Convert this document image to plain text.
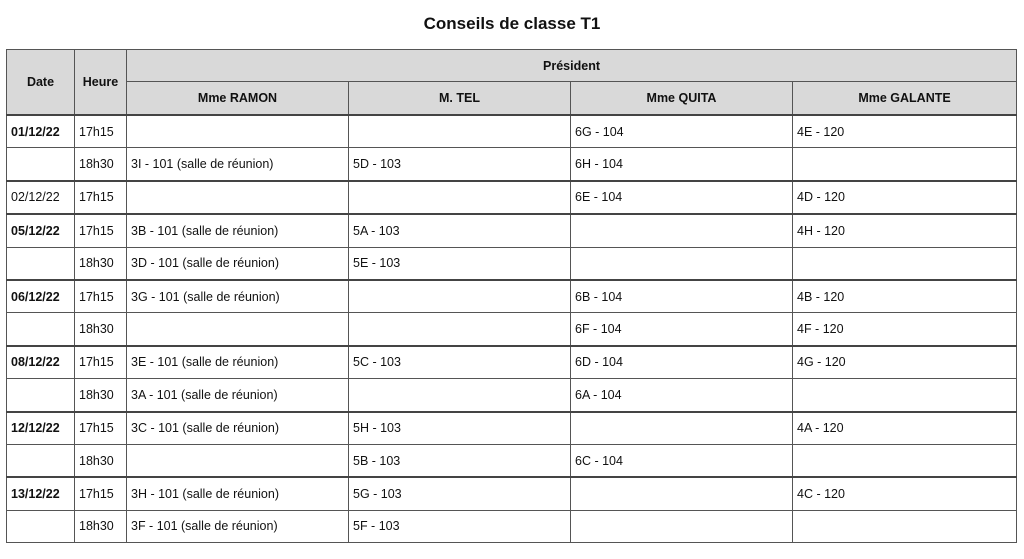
Conseils de classe T1
Date	Heure	Président			
		Mme RAMON	M. TEL	Mme QUITA	Mme GALANTE
01/12/22	17h15			6G - 104	4E - 120
	18h30	3I - 101 (salle de réunion)	5D - 103	6H - 104	
02/12/22	17h15			6E - 104	4D - 120
05/12/22	17h15	3B - 101 (salle de réunion)	5A - 103		4H - 120
	18h30	3D - 101 (salle de réunion)	5E - 103		
06/12/22	17h15	3G - 101 (salle de réunion)		6B - 104	4B - 120
	18h30			6F - 104	4F - 120
08/12/22	17h15	3E - 101 (salle de réunion)	5C - 103	6D - 104	4G - 120
	18h30	3A - 101 (salle de réunion)		6A - 104	
12/12/22	17h15	3C - 101 (salle de réunion)	5H - 103		4A - 120
	18h30		5B - 103	6C - 104	
13/12/22	17h15	3H - 101 (salle de réunion)	5G - 103		4C - 120
	18h30	3F - 101 (salle de réunion)	5F - 103		
